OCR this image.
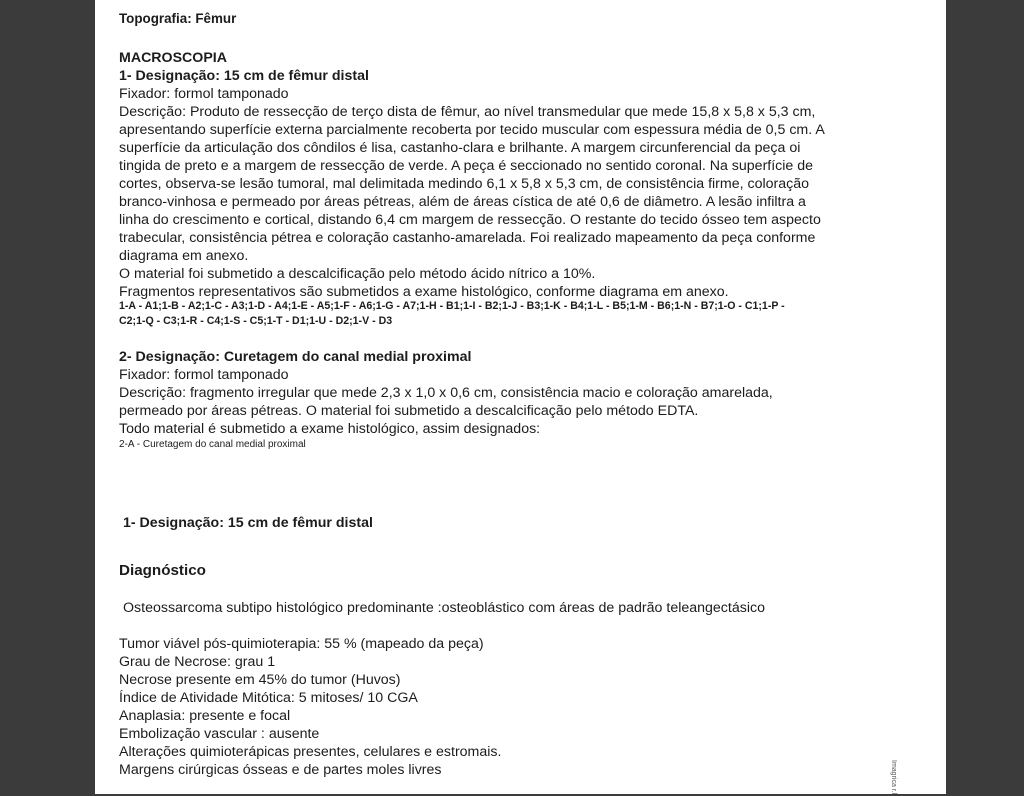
Topografia: Fêmur
MACROSCOPIA
1- Designação: 15 cm de fêmur distal
Fixador: formol tamponado
Descrição: Produto de ressecção de terço dista de fêmur, ao nível transmedular que mede 15,8 x 5,8 x 5,3 cm,
apresentando superfície externa parcialmente recoberta por tecido muscular com espessura média de 0,5 cm. A
superfície da articulação dos côndilos é lisa, castanho-clara e brilhante. A margem circunferencial da peça oi
tingida de preto e a margem de ressecção de verde. A peça é seccionado no sentido coronal. Na superfície de
cortes, observa-se lesão tumoral, mal delimitada medindo 6,1 x 5,8 x 5,3 cm, de consistência firme, coloração
branco-vinhosa e permeado por áreas pétreas, além de áreas cística de até 0,6 de diâmetro. A lesão infiltra a
linha do crescimento e cortical, distando 6,4 cm margem de ressecção. O restante do tecido ósseo tem aspecto
trabecular, consistência pétrea e coloração castanho-amarelada. Foi realizado mapeamento da peça conforme
diagrama em anexo.
O material foi submetido a descalcificação pelo método ácido nítrico a 10%.
Fragmentos representativos são submetidos a exame histológico, conforme diagrama em anexo.
1-A - A1;1-B - A2;1-C - A3;1-D - A4;1-E - A5;1-F - A6;1-G - A7;1-H - B1;1-I - B2;1-J - B3;1-K - B4;1-L - B5;1-M - B6;1-N - B7;1-O - C1;1-P -
C2;1-Q - C3;1-R - C4;1-S - C5;1-T - D1;1-U - D2;1-V - D3
2- Designação: Curetagem do canal medial proximal
Fixador: formol tamponado
Descrição: fragmento irregular que mede 2,3 x 1,0 x 0,6 cm, consistência macio e coloração amarelada,
permeado por áreas pétreas. O material foi submetido a descalcificação pelo método EDTA.
Todo material é submetido a exame histológico, assim designados:
2-A - Curetagem do canal medial proximal
1- Designação: 15 cm de fêmur distal
Diagnóstico
Osteossarcoma subtipo histológico predominante :osteoblástico com áreas de padrão teleangectásico
Tumor viável pós-quimioterapia: 55 % (mapeado da peça)
Grau de Necrose: grau 1
Necrose presente em 45% do tumor (Huvos)
Índice de Atividade Mitótica: 5 mitoses/ 10 CGA
Anaplasia: presente e focal
Embolização vascular : ausente
Alterações quimioterápicas presentes, celulares e estromais.
Margens cirúrgicas ósseas e de partes moles livres	Imagrica r.l.
